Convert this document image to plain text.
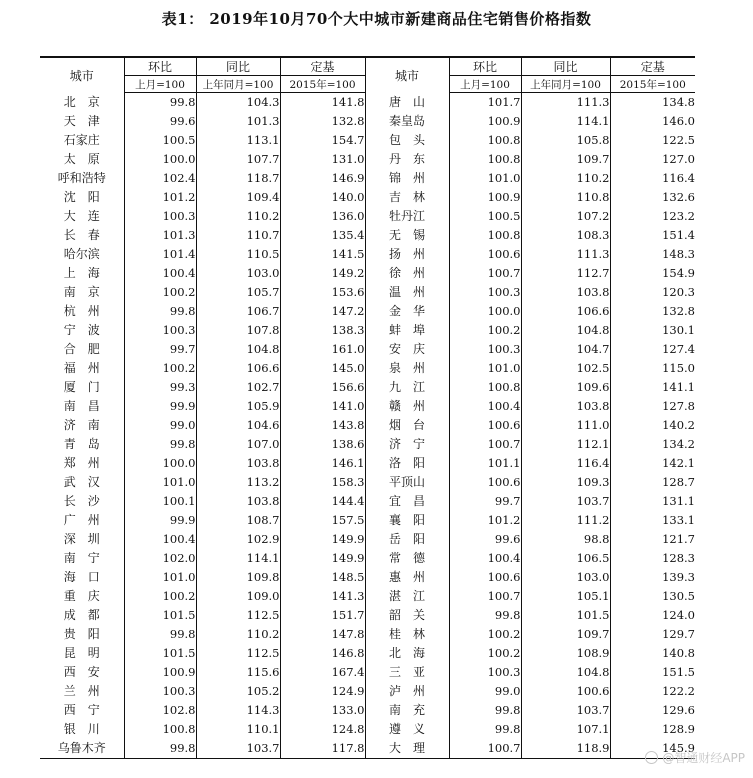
表1： 2019年10月70个大中城市新建商品住宅销售价格指数
城市	环比	同比	定基	城市	环比	同比	定基
	上月=100	上年同月=100	2015年=100		上月=100	上年同月=100	2015年=100
北　京	99.8	104.3	141.8	唐　山	101.7	111.3	134.8
天　津	99.6	101.3	132.8	秦皇岛	100.9	114.1	146.0
石家庄	100.5	113.1	154.7	包　头	100.8	105.8	122.5
太　原	100.0	107.7	131.0	丹　东	100.8	109.7	127.0
呼和浩特	102.4	118.7	146.9	锦　州	101.0	110.2	116.4
沈　阳	101.2	109.4	140.0	吉　林	100.9	110.8	132.6
大　连	100.3	110.2	136.0	牡丹江	100.5	107.2	123.2
长　春	101.3	110.7	135.4	无　锡	100.8	108.3	151.4
哈尔滨	101.4	110.5	141.5	扬　州	100.6	111.3	148.3
上　海	100.4	103.0	149.2	徐　州	100.7	112.7	154.9
南　京	100.2	105.7	153.6	温　州	100.3	103.8	120.3
杭　州	99.8	106.7	147.2	金　华	100.0	106.6	132.8
宁　波	100.3	107.8	138.3	蚌　埠	100.2	104.8	130.1
合　肥	99.7	104.8	161.0	安　庆	100.3	104.7	127.4
福　州	100.2	106.6	145.0	泉　州	101.0	102.5	115.0
厦　门	99.3	102.7	156.6	九　江	100.8	109.6	141.1
南　昌	99.9	105.9	141.0	赣　州	100.4	103.8	127.8
济　南	99.0	104.6	143.8	烟　台	100.6	111.0	140.2
青　岛	99.8	107.0	138.6	济　宁	100.7	112.1	134.2
郑　州	100.0	103.8	146.1	洛　阳	101.1	116.4	142.1
武　汉	101.0	113.2	158.3	平顶山	100.6	109.3	128.7
长　沙	100.1	103.8	144.4	宜　昌	99.7	103.7	131.1
广　州	99.9	108.7	157.5	襄　阳	101.2	111.2	133.1
深　圳	100.4	102.9	149.9	岳　阳	99.6	98.8	121.7
南　宁	102.0	114.1	149.9	常　德	100.4	106.5	128.3
海　口	101.0	109.8	148.5	惠　州	100.6	103.0	139.3
重　庆	100.2	109.0	141.3	湛　江	100.7	105.1	130.5
成　都	101.5	112.5	151.7	韶　关	99.8	101.5	124.0
贵　阳	99.8	110.2	147.8	桂　林	100.2	109.7	129.7
昆　明	101.5	112.5	146.8	北　海	100.2	108.9	140.8
西　安	100.9	115.6	167.4	三　亚	100.3	104.8	151.5
兰　州	100.3	105.2	124.9	泸　州	99.0	100.6	122.2
西　宁	102.8	114.3	133.0	南　充	99.8	103.7	129.6
银　川	100.8	110.1	124.8	遵　义	99.8	107.1	128.9
乌鲁木齐	99.8	103.7	117.8	大　理	100.7	118.9	145.9
@智通财经APP
